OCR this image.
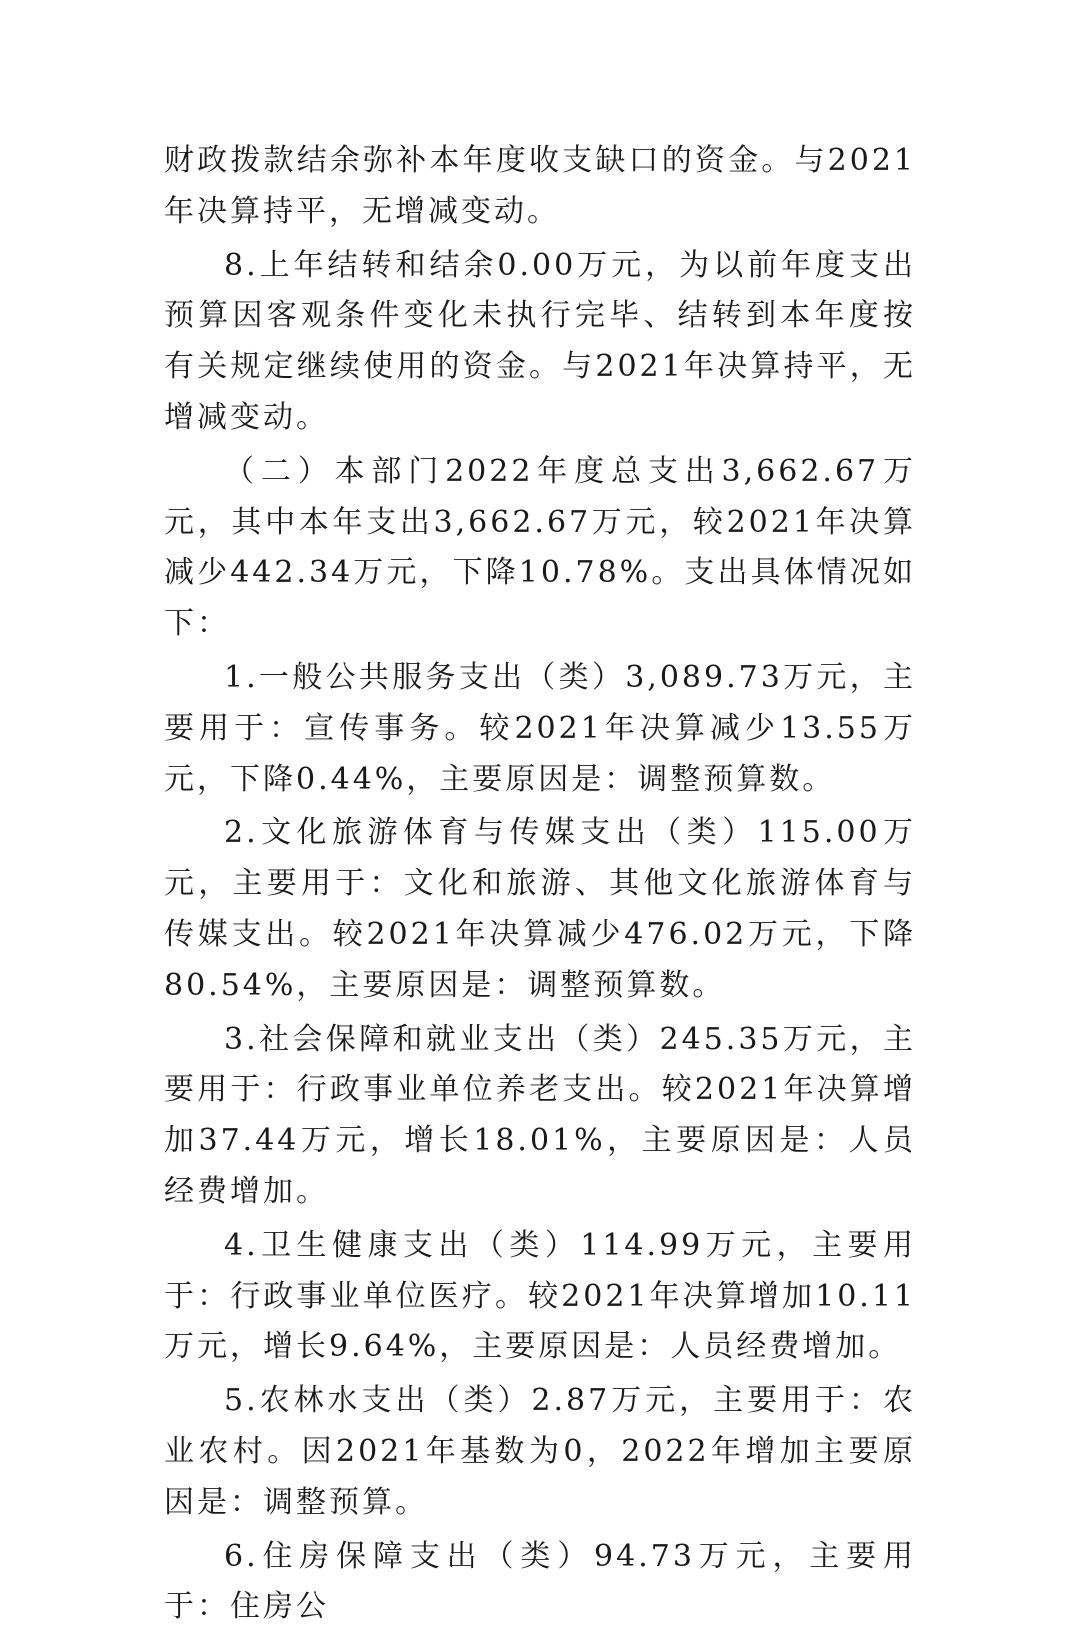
财政拨款结余弥补本年度收支缺口的资金。与2021年决算持平，无增减变动。

8.上年结转和结余0.00万元，为以前年度支出预算因客观条件变化未执行完毕、结转到本年度按有关规定继续使用的资金。与2021年决算持平，无增减变动。

（二）本部门2022年度总支出3,662.67万元，其中本年支出3,662.67万元，较2021年决算减少442.34万元，下降10.78%。支出具体情况如下：

1.一般公共服务支出（类）3,089.73万元，主要用于：宣传事务。较2021年决算减少13.55万元，下降0.44%，主要原因是：调整预算数。

2.文化旅游体育与传媒支出（类）115.00万元，主要用于：文化和旅游、其他文化旅游体育与传媒支出。较2021年决算减少476.02万元，下降80.54%，主要原因是：调整预算数。

3.社会保障和就业支出（类）245.35万元，主要用于：行政事业单位养老支出。较2021年决算增加37.44万元，增长18.01%，主要原因是：人员经费增加。

4.卫生健康支出（类）114.99万元，主要用于：行政事业单位医疗。较2021年决算增加10.11万元，增长9.64%，主要原因是：人员经费增加。

5.农林水支出（类）2.87万元，主要用于：农业农村。因2021年基数为0，2022年增加主要原因是：调整预算。

6.住房保障支出（类）94.73万元，主要用于：住房公
